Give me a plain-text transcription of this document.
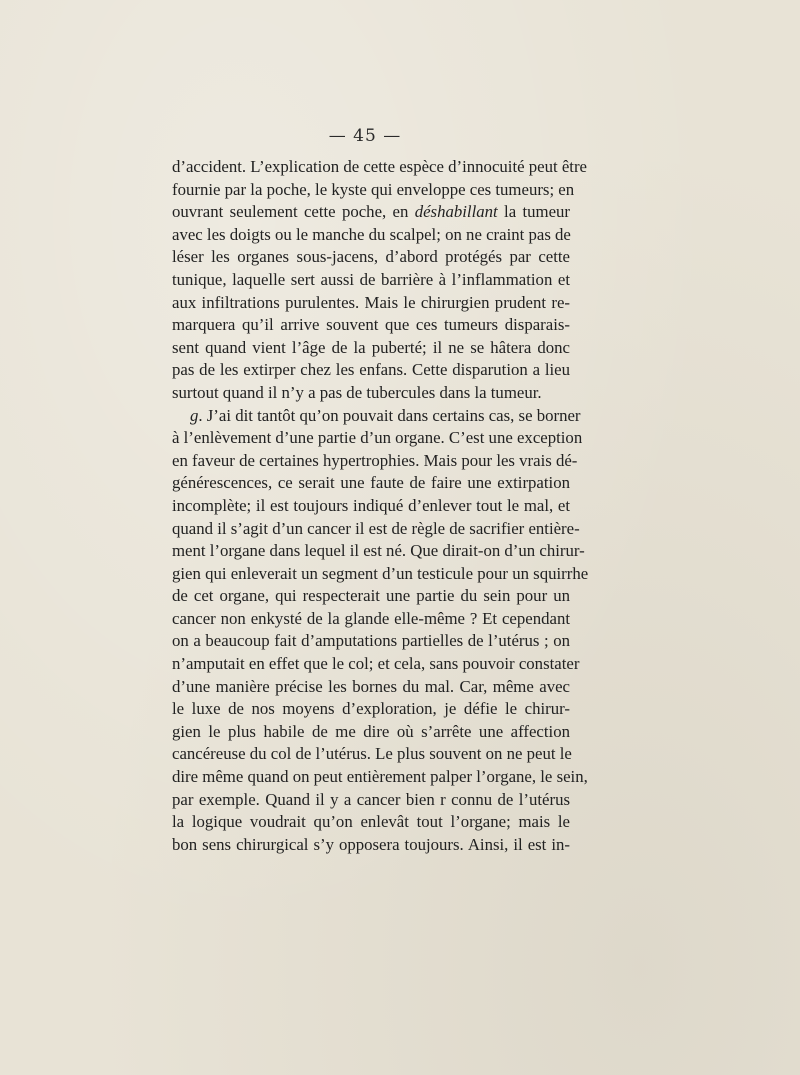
— 45 —
d’accident. L’explication de cette espèce d’innocuité peut être
fournie par la poche, le kyste qui enveloppe ces tumeurs; en
ouvrant seulement cette poche, en déshabillant la tumeur
avec les doigts ou le manche du scalpel; on ne craint pas de
léser les organes sous-jacens, d’abord protégés par cette
tunique, laquelle sert aussi de barrière à l’inflammation et
aux infiltrations purulentes. Mais le chirurgien prudent re-
marquera qu’il arrive souvent que ces tumeurs disparais-
sent quand vient l’âge de la puberté; il ne se hâtera donc
pas de les extirper chez les enfans. Cette disparution a lieu
surtout quand il n’y a pas de tubercules dans la tumeur.
g. J’ai dit tantôt qu’on pouvait dans certains cas, se borner
à l’enlèvement d’une partie d’un organe. C’est une exception
en faveur de certaines hypertrophies. Mais pour les vrais dé-
générescences, ce serait une faute de faire une extirpation
incomplète; il est toujours indiqué d’enlever tout le mal, et
quand il s’agit d’un cancer il est de règle de sacrifier entière-
ment l’organe dans lequel il est né. Que dirait-on d’un chirur-
gien qui enleverait un segment d’un testicule pour un squirrhe
de cet organe, qui respecterait une partie du sein pour un
cancer non enkysté de la glande elle-même ? Et cependant
on a beaucoup fait d’amputations partielles de l’utérus ; on
n’amputait en effet que le col; et cela, sans pouvoir constater
d’une manière précise les bornes du mal. Car, même avec
le luxe de nos moyens d’exploration, je défie le chirur-
gien le plus habile de me dire où s’arrête une affection
cancéreuse du col de l’utérus. Le plus souvent on ne peut le
dire même quand on peut entièrement palper l’organe, le sein,
par exemple. Quand il y a cancer bien r connu de l’utérus
la logique voudrait qu’on enlevât tout l’organe; mais le
bon sens chirurgical s’y opposera toujours. Ainsi, il est in-
